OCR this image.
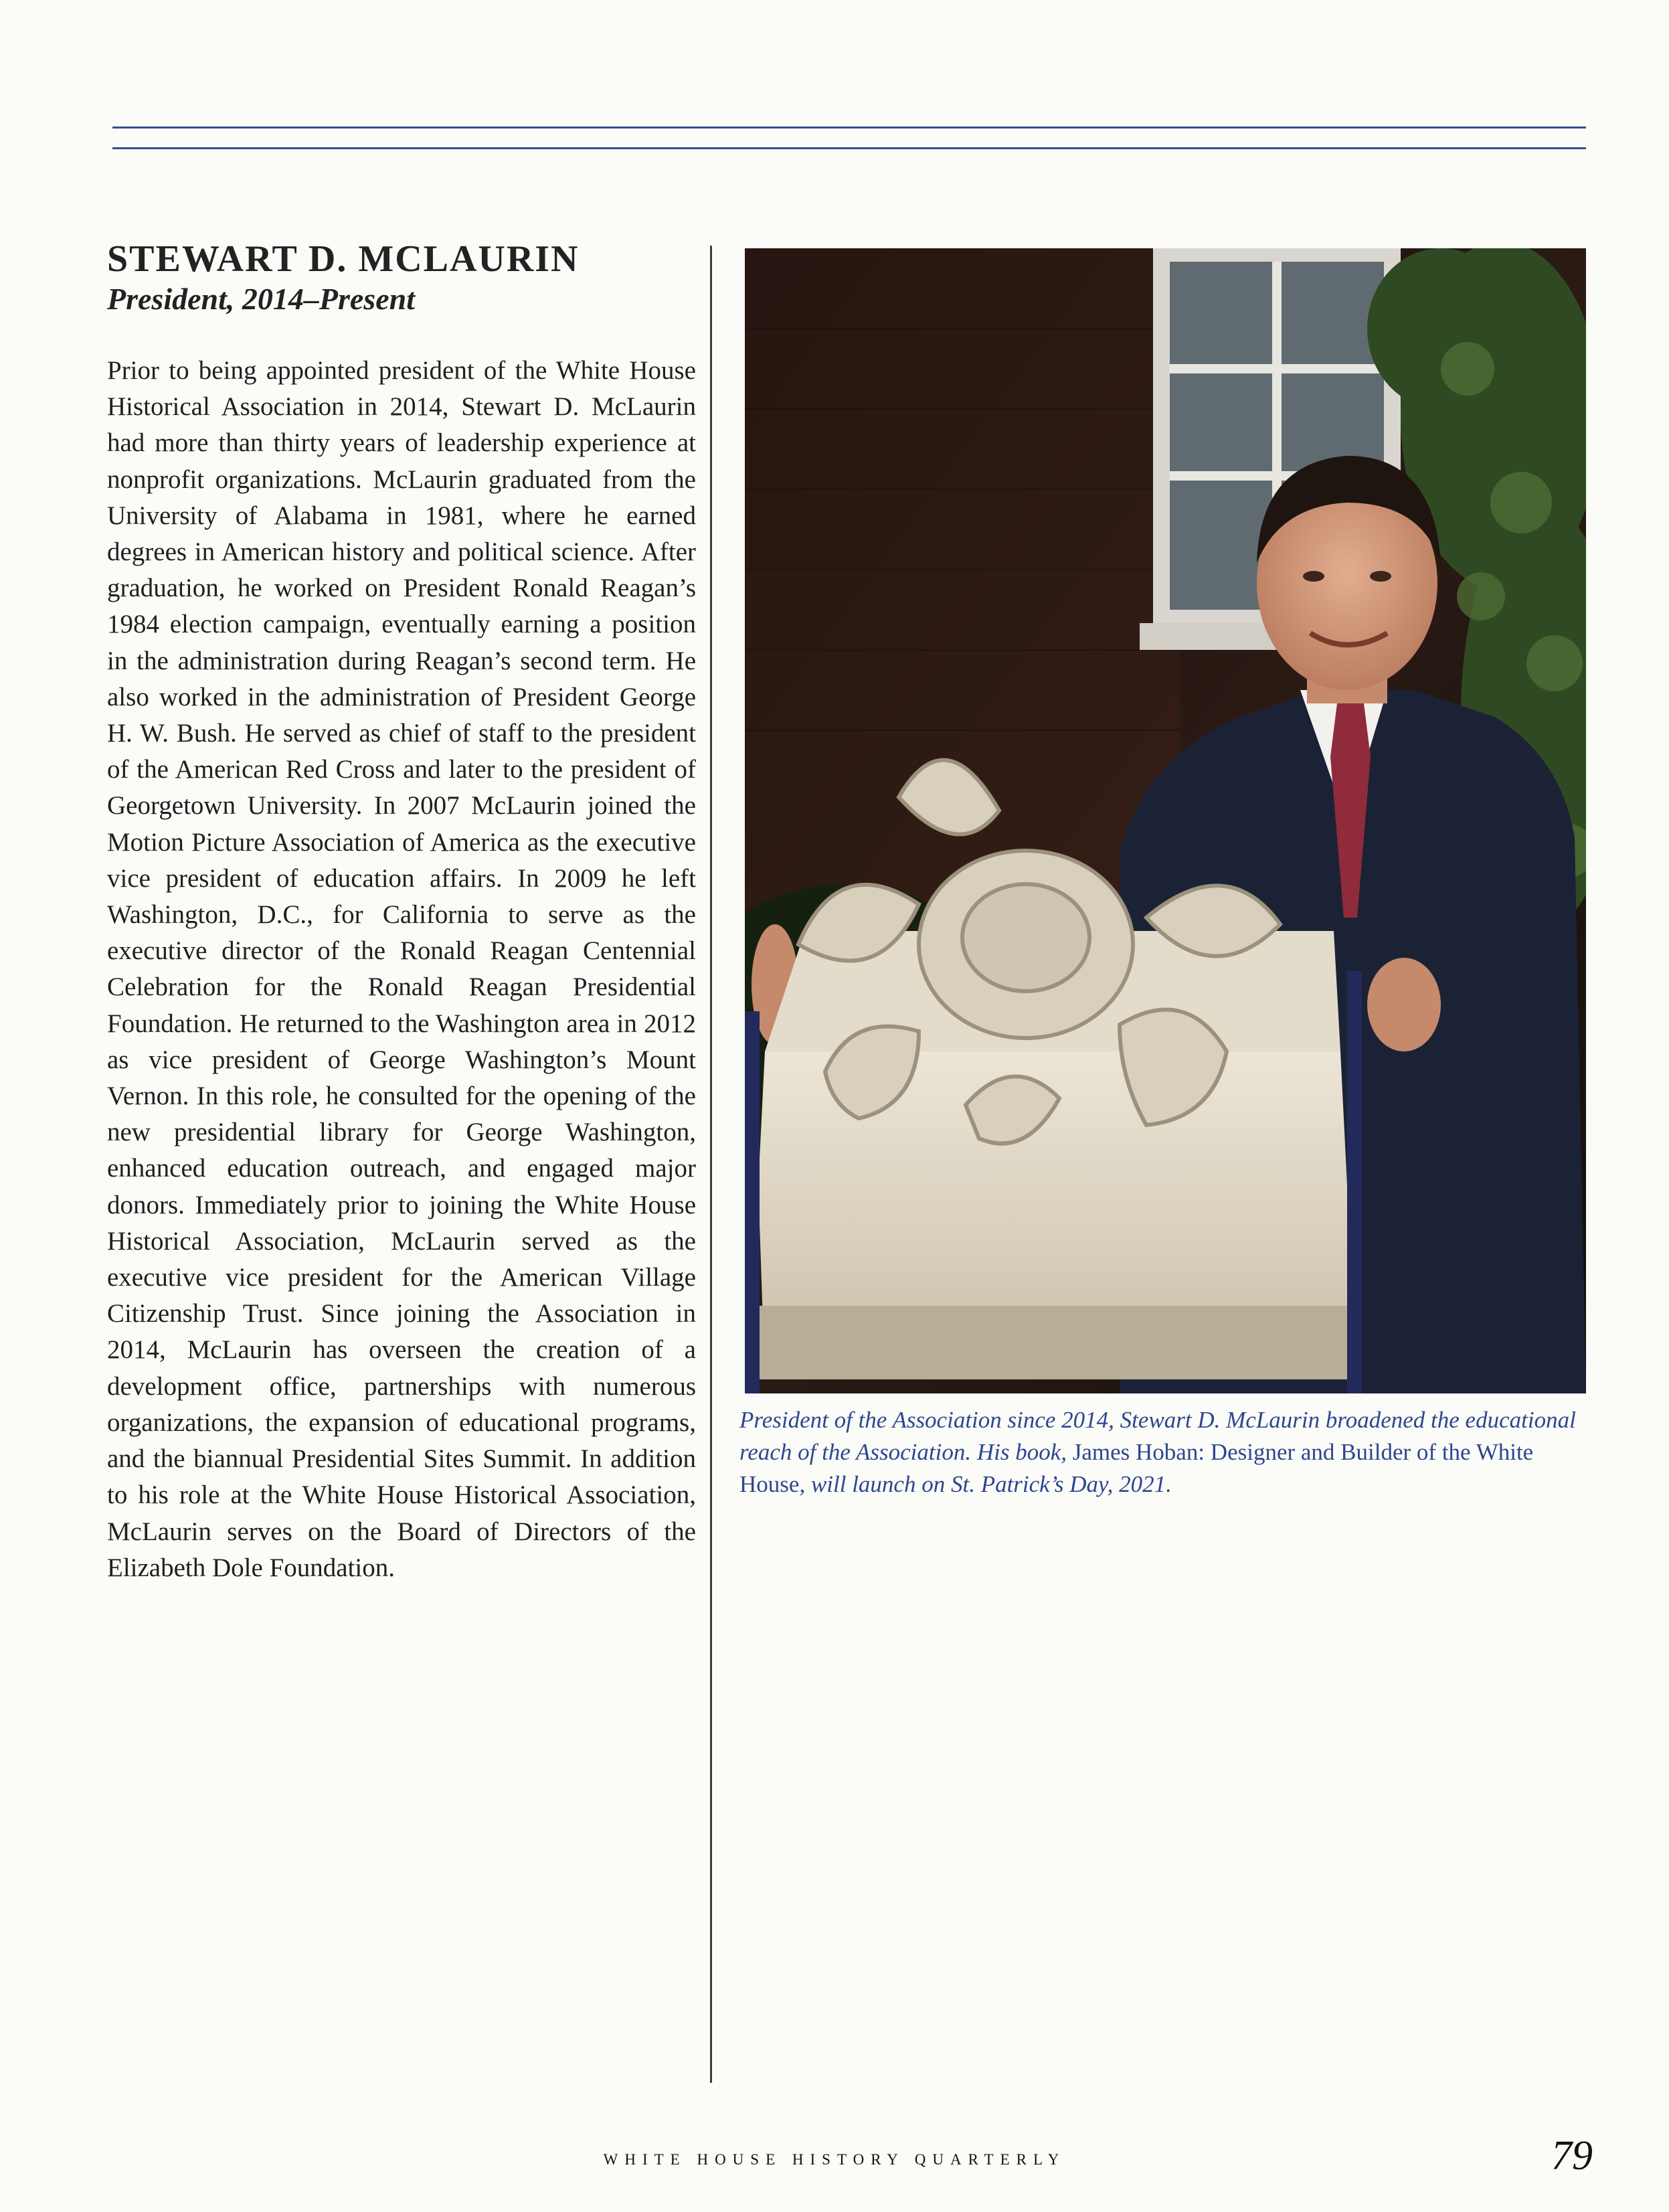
STEWART D. MCLAURIN
President, 2014–Present

Prior to being appointed president of the White House Historical Association in 2014, Stewart D. McLaurin had more than thirty years of leadership experience at nonprofit organizations. McLaurin graduated from the University of Alabama in 1981, where he earned degrees in American history and political science. After graduation, he worked on President Ronald Reagan’s 1984 election campaign, eventually earning a position in the administration during Reagan’s second term. He also worked in the administration of President George H. W. Bush. He served as chief of staff to the president of the American Red Cross and later to the president of Georgetown University. In 2007 McLaurin joined the Motion Picture Association of America as the executive vice president of education affairs. In 2009 he left Washington, D.C., for California to serve as the executive director of the Ronald Reagan Centennial Celebration for the Ronald Reagan Presidential Foundation. He returned to the Washington area in 2012 as vice president of George Washington’s Mount Vernon. In this role, he consulted for the opening of the new presidential library for George Washington, enhanced education outreach, and engaged major donors. Immediately prior to joining the White House Historical Association, McLaurin served as the executive vice president for the American Village Citizenship Trust. Since joining the Association in 2014, McLaurin has overseen the creation of a development office, partnerships with numerous organizations, the expansion of educational programs, and the biannual Presidential Sites Summit. In addition to his role at the White House Historical Association, McLaurin serves on the Board of Directors of the Elizabeth Dole Foundation.

President of the Association since 2014, Stewart D. McLaurin broadened the educational reach of the Association. His book, James Hoban: Designer and Builder of the White House, will launch on St. Patrick’s Day, 2021.
WHITE HOUSE HISTORY QUARTERLY	79
